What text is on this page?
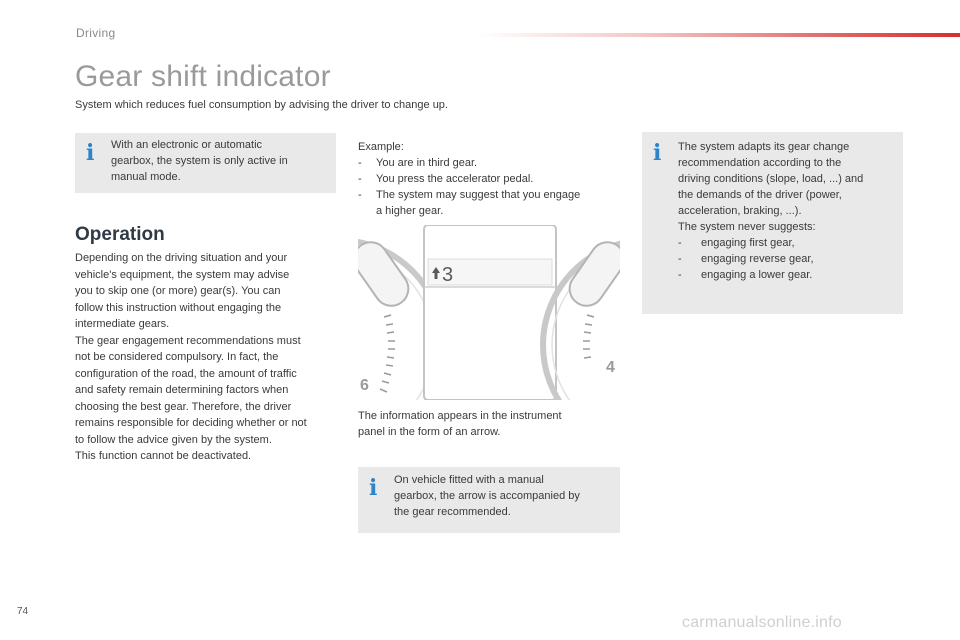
Driving
Gear shift indicator
System which reduces fuel consumption by advising the driver to change up.
i With an electronic or automatic
gearbox, the system is only active in
manual mode.
Operation
Depending on the driving situation and your
vehicle's equipment, the system may advise
you to skip one (or more) gear(s). You can
follow this instruction without engaging the
intermediate gears.
The gear engagement recommendations must
not be considered compulsory. In fact, the
configuration of the road, the amount of traffic
and safety remain determining factors when
choosing the best gear. Therefore, the driver
remains responsible for deciding whether or not
to follow the advice given by the system.
This function cannot be deactivated.
Example:
-	You are in third gear.
-	You press the accelerator pedal.
-	The system may suggest that you engage
a higher gear.
6
3
4
The information appears in the instrument
panel in the form of an arrow.
i On vehicle fitted with a manual
gearbox, the arrow is accompanied by
the gear recommended.
i The system adapts its gear change
recommendation according to the
driving conditions (slope, load, ...) and
the demands of the driver (power,
acceleration, braking, ...).
The system never suggests:
-	engaging first gear,
-	engaging reverse gear,
-	engaging a lower gear.
74
carmanualsonline.info
